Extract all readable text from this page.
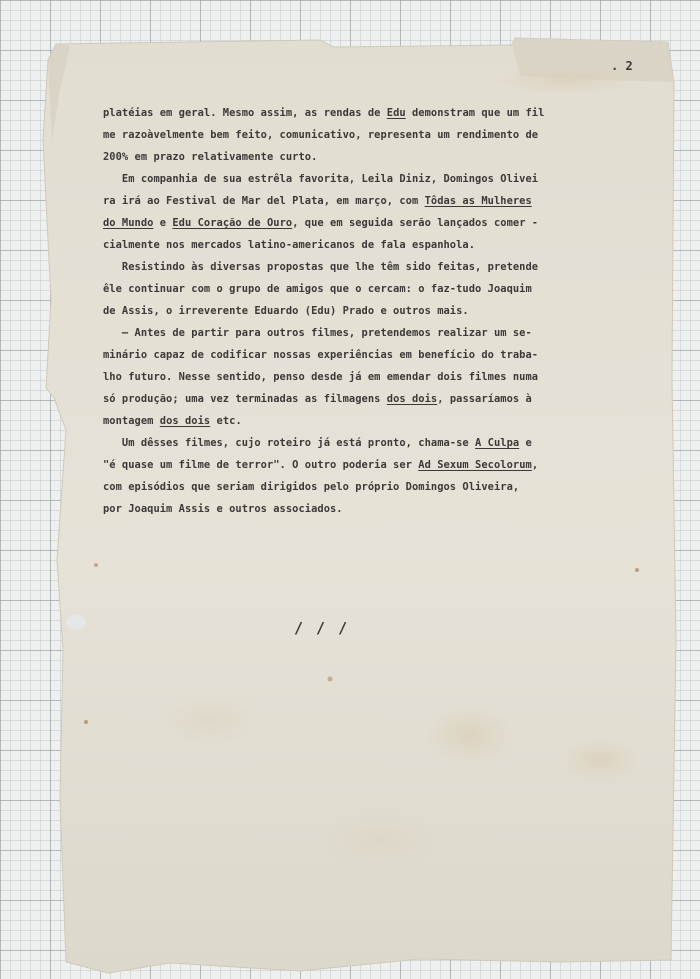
. 2
platéias em geral. Mesmo assim, as rendas de Edu demonstram que um fil
me razoàvelmente bem feito, comunicativo, representa um rendimento de
200% em prazo relativamente curto.
Em companhia de sua estrêla favorita, Leila Diniz, Domingos Olivei
ra irá ao Festival de Mar del Plata, em março, com Tôdas as Mulheres
do Mundo e Edu Coração de Ouro, que em seguida serão lançados comer -
cialmente nos mercados latino-americanos de fala espanhola.
Resistindo às diversas propostas que lhe têm sido feitas, pretende
êle continuar com o grupo de amigos que o cercam: o faz-tudo Joaquim
de Assis, o irreverente Eduardo (Edu) Prado e outros mais.
— Antes de partir para outros filmes, pretendemos realizar um se-
minário capaz de codificar nossas experiências em benefício do traba-
lho futuro. Nesse sentido, penso desde já em emendar dois filmes numa
só produção; uma vez terminadas as filmagens dos dois, passaríamos à
montagem dos dois etc.
Um dêsses filmes, cujo roteiro já está pronto, chama-se A Culpa e
"é quase um filme de terror". O outro poderia ser Ad Sexum Secolorum,
com episódios que seriam dirigidos pelo próprio Domingos Oliveira,
por Joaquim Assis e outros associados.
/ / /
